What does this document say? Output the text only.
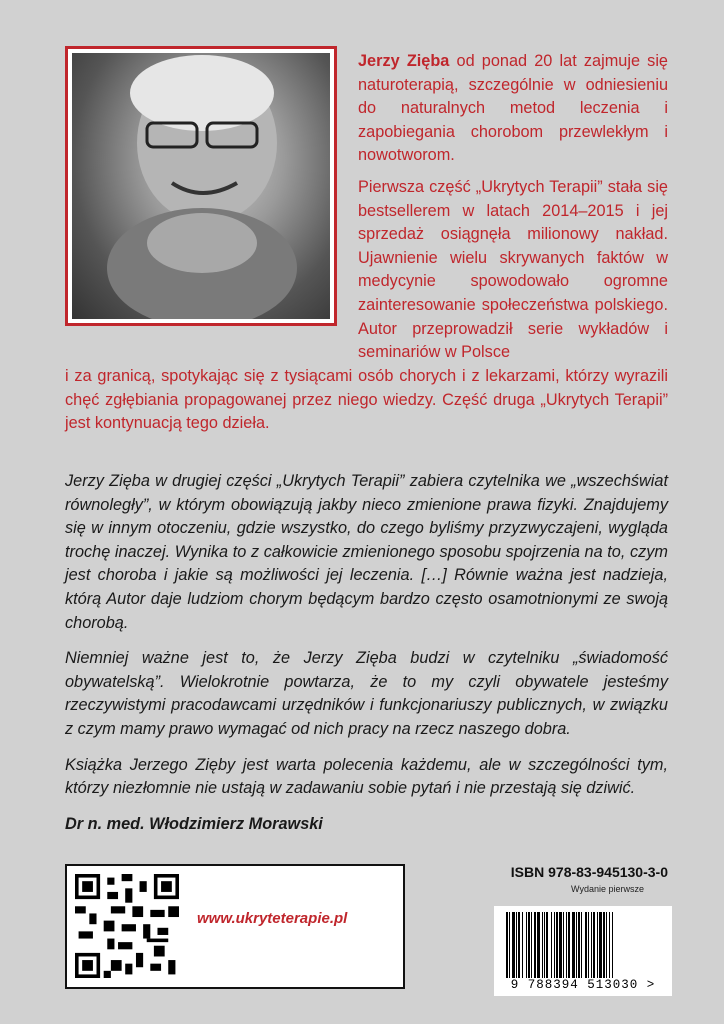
Jerzy Zięba od ponad 20 lat zajmuje się naturoterapią, szczególnie w odniesieniu do naturalnych metod leczenia i zapobiegania chorobom przewlekłym i nowotworom.

Pierwsza część „Ukrytych Terapii” stała się bestsellerem w latach 2014–2015 i jej sprzedaż osiągnęła milionowy nakład. Ujawnienie wielu skrywanych faktów w medycynie spowodowało ogromne zainteresowanie społeczeństwa polskiego. Autor przeprowadził serie wykładów i seminariów w Polsce

i za granicą, spotykając się z tysiącami osób chorych i z lekarzami, którzy wyrazili chęć zgłębiania propagowanej przez niego wiedzy. Część druga „Ukrytych Terapii” jest kontynuacją tego dzieła.

Jerzy Zięba w drugiej części „Ukrytych Terapii” zabiera czytelnika we „wszechświat równoległy”, w którym obowiązują jakby nieco zmienione prawa fizyki. Znajdujemy się w innym otoczeniu, gdzie wszystko, do czego byliśmy przyzwyczajeni, wygląda trochę inaczej. Wynika to z całkowicie zmienionego sposobu spojrzenia na to, czym jest choroba i jakie są możliwości jej leczenia. […] Równie ważna jest nadzieja, którą Autor daje ludziom chorym będącym bardzo często osamotnionymi ze swoją chorobą.

Niemniej ważne jest to, że Jerzy Zięba budzi w czytelniku „świadomość obywatelską”. Wielokrotnie powtarza, że to my czyli obywatele jesteśmy rzeczywistymi pracodawcami urzędników i funkcjonariuszy publicznych, w związku z czym mamy prawo wymagać od nich pracy na rzecz naszego dobra.

Książka Jerzego Zięby jest warta polecenia każdemu, ale w szczególności tym, którzy niezłomnie nie ustają w zadawaniu sobie pytań i nie przestają się dziwić.

Dr n. med. Włodzimierz Morawski

www.ukryteterapie.pl
ISBN 978-83-945130-3-0
Wydanie pierwsze
9 788394 513030 >
